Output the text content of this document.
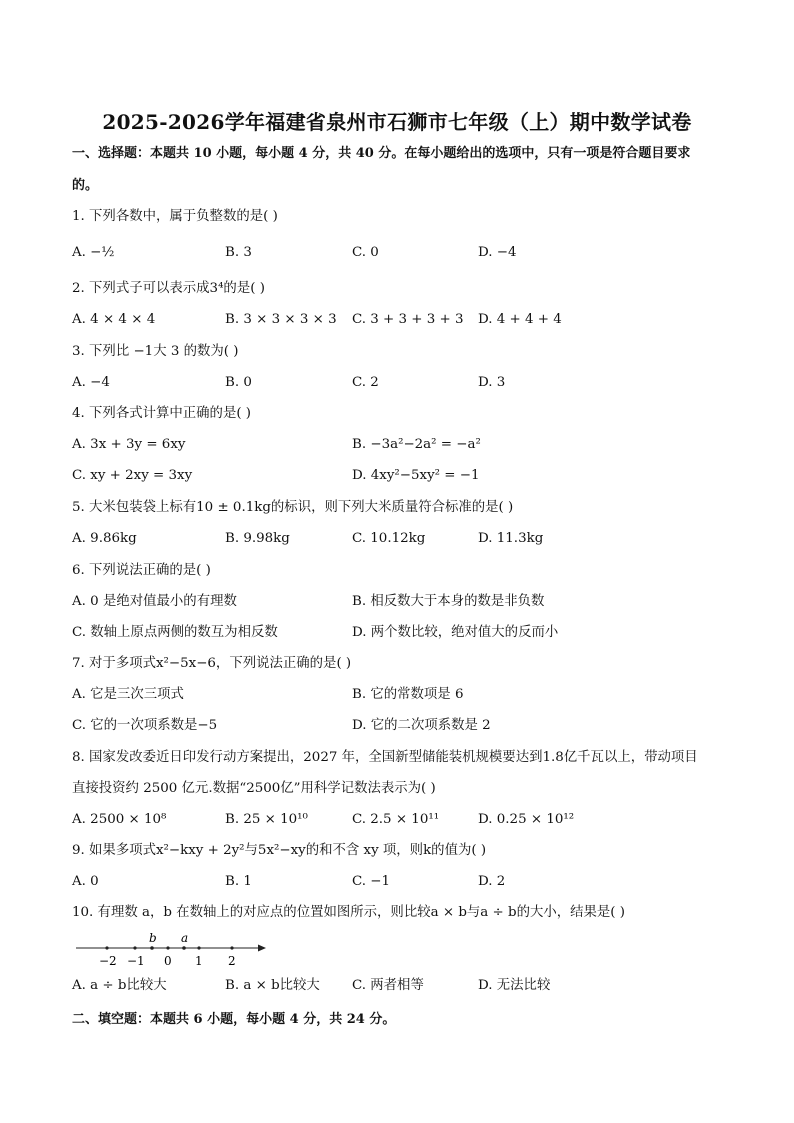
2025-2026学年福建省泉州市石狮市七年级（上）期中数学试卷
一、选择题：本题共 10 小题，每小题 4 分，共 40 分。在每小题给出的选项中，只有一项是符合题目要求
的。
1. 下列各数中，属于负整数的是( )
A. −½	B. 3	C. 0	D. −4
2. 下列式子可以表示成3⁴的是( )
A. 4 × 4 × 4	B. 3 × 3 × 3 × 3 C. 3 + 3 + 3 + 3 D. 4 + 4 + 4
3. 下列比 −1大 3 的数为( )
A. −4	B. 0	C. 2	D. 3
4. 下列各式计算中正确的是( )
A. 3x + 3y = 6xy	B. −3a²−2a² = −a²
C. xy + 2xy = 3xy	D. 4xy²−5xy² = −1
5. 大米包装袋上标有10 ± 0.1kg的标识，则下列大米质量符合标准的是( )
A. 9.86kg	B. 9.98kg	C. 10.12kg	D. 11.3kg
6. 下列说法正确的是( )
A. 0 是绝对值最小的有理数	B. 相反数大于本身的数是非负数
C. 数轴上原点两侧的数互为相反数	D. 两个数比较，绝对值大的反而小
7. 对于多项式x²−5x−6，下列说法正确的是( )
A. 它是三次三项式	B. 它的常数项是 6
C. 它的一次项系数是−5	D. 它的二次项系数是 2
8. 国家发改委近日印发行动方案提出，2027 年，全国新型储能装机规模要达到1.8亿千瓦以上，带动项目
直接投资约 2500 亿元.数据“2500亿”用科学记数法表示为( )
A. 2500 × 10⁸	B. 25 × 10¹⁰	C. 2.5 × 10¹¹	D. 0.25 × 10¹²
9. 如果多项式x²−kxy + 2y²与5x²−xy的和不含 xy 项，则k的值为( )
A. 0	B. 1	C. −1	D. 2
10. 有理数 a，b 在数轴上的对应点的位置如图所示，则比较a × b与a ÷ b的大小，结果是( )
b a
−2 −1 0 1 2
A. a ÷ b比较大	B. a × b比较大 C. 两者相等	D. 无法比较
二、填空题：本题共 6 小题，每小题 4 分，共 24 分。
